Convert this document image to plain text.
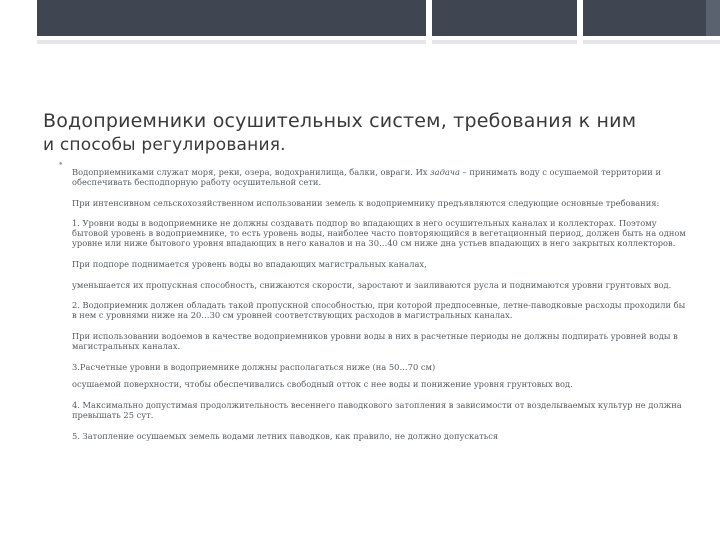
Водоприемники осушительных систем, требования к ним
и способы регулирования.
•

Водоприемниками служат моря, реки, озера, водохранилища, балки, овраги. Их задача – принимать воду с осушаемой территории и обеспечивать бесподпорную работу осушительной сети.

При интенсивном сельскохозяйственном использовании земель к водоприемнику предъявляются следующие основные требования:

1. Уровни воды в водоприемнике не должны создавать подпор во впадающих в него осушительных каналах и коллекторах. Поэтому бытовой уровень в водоприемнике, то есть уровень воды, наиболее часто повторяющийся в вегетационный период, должен быть на одном уровне или ниже бытового уровня впадающих в него каналов и на 30…40 см ниже дна устьев впадающих в него закрытых коллекторов.

При подпоре поднимается уровень воды во впадающих магистральных каналах,

уменьшается их пропускная способность, снижаются скорости, заростают и заиливаются русла и поднимаются уровни грунтовых вод.

2. Водоприемник должен обладать такой пропускной способностью, при которой предпосевные, летне-паводковые расходы проходили бы в нем с уровнями ниже на 20…30 см уровней соответствующих расходов в магистральных каналах.

При использовании водоемов в качестве водоприемников уровни воды в них в расчетные периоды не должны подпирать уровней воды в магистральных каналах.

3.Расчетные уровни в водоприемнике должны располагаться ниже (на 50…70 см)

осушаемой поверхности, чтобы обеспечивались свободный отток с нее воды и понижение уровня грунтовых вод.

4. Максимально допустимая продолжительность весеннего паводкового затопления в зависимости от возделываемых культур не должна превышать 25 сут.

5. Затопление осушаемых земель водами летних паводков, как правило, не должно допускаться
